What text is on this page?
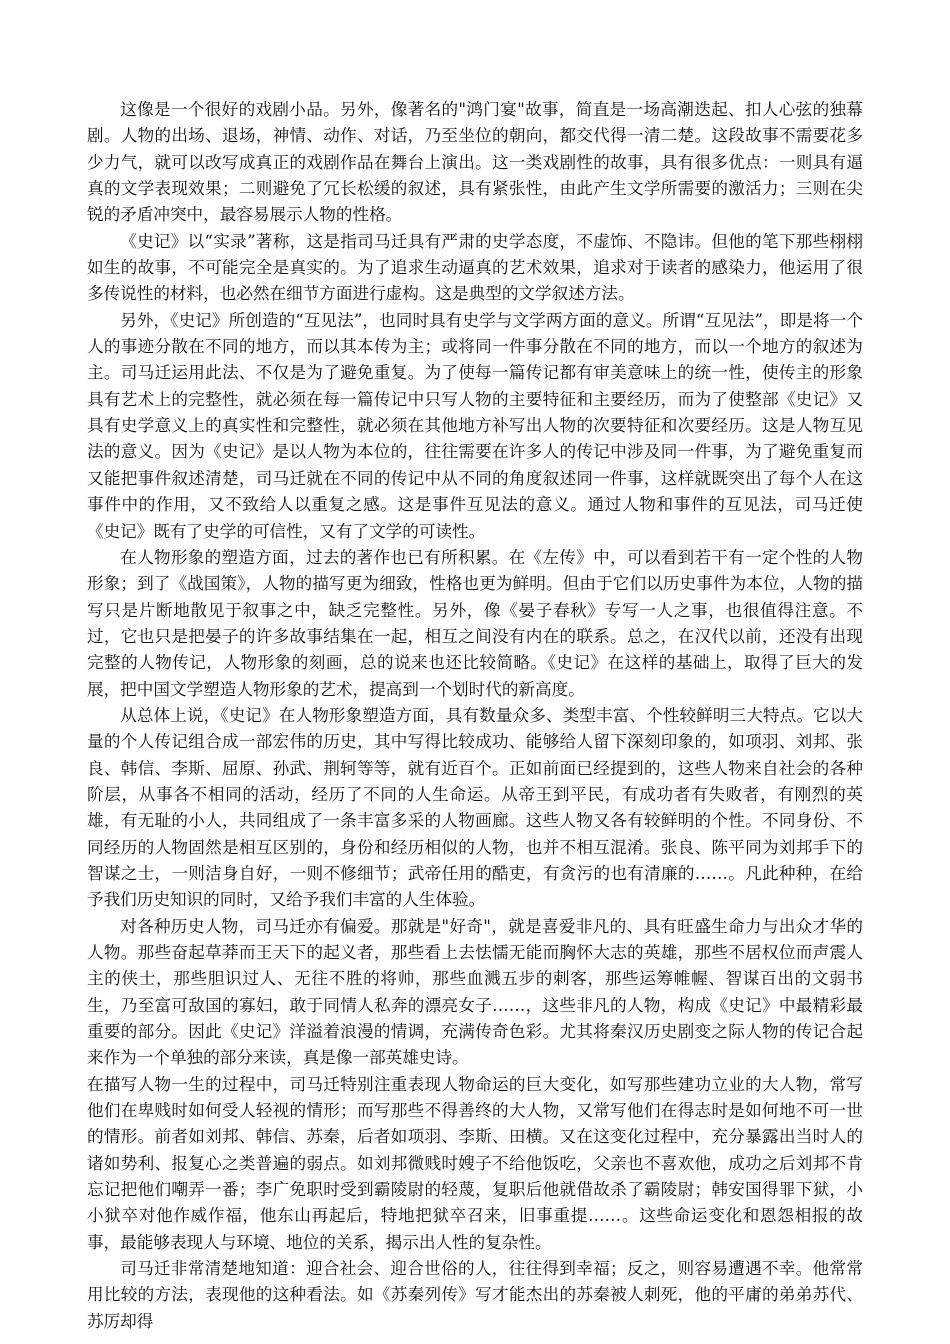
这像是一个很好的戏剧小品。另外，像著名的"鸿门宴"故事，简直是一场高潮迭起、扣人心弦的独幕剧。人物的出场、退场，神情、动作、对话，乃至坐位的朝向，都交代得一清二楚。这段故事不需要花多少力气，就可以改写成真正的戏剧作品在舞台上演出。这一类戏剧性的故事，具有很多优点：一则具有逼真的文学表现效果；二则避免了冗长松缓的叙述，具有紧张性，由此产生文学所需要的激活力；三则在尖锐的矛盾冲突中，最容易展示人物的性格。

《史记》以“实录”著称，这是指司马迁具有严肃的史学态度，不虚饰、不隐讳。但他的笔下那些栩栩如生的故事，不可能完全是真实的。为了追求生动逼真的艺术效果，追求对于读者的感染力，他运用了很多传说性的材料，也必然在细节方面进行虚构。这是典型的文学叙述方法。

另外，《史记》所创造的“互见法”，也同时具有史学与文学两方面的意义。所谓“互见法”，即是将一个人的事迹分散在不同的地方，而以其本传为主；或将同一件事分散在不同的地方，而以一个地方的叙述为主。司马迁运用此法、不仅是为了避免重复。为了使每一篇传记都有审美意味上的统一性，使传主的形象具有艺术上的完整性，就必须在每一篇传记中只写人物的主要特征和主要经历，而为了使整部《史记》又具有史学意义上的真实性和完整性，就必须在其他地方补写出人物的次要特征和次要经历。这是人物互见法的意义。因为《史记》是以人物为本位的，往往需要在许多人的传记中涉及同一件事，为了避免重复而又能把事件叙述清楚，司马迁就在不同的传记中从不同的角度叙述同一件事，这样就既突出了每个人在这事件中的作用，又不致给人以重复之感。这是事件互见法的意义。通过人物和事件的互见法，司马迁使《史记》既有了史学的可信性，又有了文学的可读性。

在人物形象的塑造方面，过去的著作也已有所积累。在《左传》中，可以看到若干有一定个性的人物形象；到了《战国策》，人物的描写更为细致，性格也更为鲜明。但由于它们以历史事件为本位，人物的描写只是片断地散见于叙事之中，缺乏完整性。另外，像《晏子春秋》专写一人之事，也很值得注意。不过，它也只是把晏子的许多故事结集在一起，相互之间没有内在的联系。总之，在汉代以前，还没有出现完整的人物传记，人物形象的刻画，总的说来也还比较简略。《史记》在这样的基础上，取得了巨大的发展，把中国文学塑造人物形象的艺术，提高到一个划时代的新高度。

从总体上说，《史记》在人物形象塑造方面，具有数量众多、类型丰富、个性较鲜明三大特点。它以大量的个人传记组合成一部宏伟的历史，其中写得比较成功、能够给人留下深刻印象的，如项羽、刘邦、张良、韩信、李斯、屈原、孙武、荆轲等等，就有近百个。正如前面已经提到的，这些人物来自社会的各种阶层，从事各不相同的活动，经历了不同的人生命运。从帝王到平民，有成功者有失败者，有刚烈的英雄，有无耻的小人，共同组成了一条丰富多采的人物画廊。这些人物又各有较鲜明的个性。不同身份、不同经历的人物固然是相互区别的，身份和经历相似的人物，也并不相互混淆。张良、陈平同为刘邦手下的智谋之士，一则洁身自好，一则不修细节；武帝任用的酷吏，有贪污的也有清廉的……。凡此种种，在给予我们历史知识的同时，又给予我们丰富的人生体验。

对各种历史人物，司马迁亦有偏爱。那就是"好奇"，就是喜爱非凡的、具有旺盛生命力与出众才华的人物。那些奋起草莽而王天下的起义者，那些看上去怯懦无能而胸怀大志的英雄，那些不居权位而声震人主的侠士，那些胆识过人、无往不胜的将帅，那些血溅五步的刺客，那些运筹帷幄、智谋百出的文弱书生，乃至富可敌国的寡妇，敢于同情人私奔的漂亮女子……，这些非凡的人物，构成《史记》中最精彩最重要的部分。因此《史记》洋溢着浪漫的情调，充满传奇色彩。尤其将秦汉历史剧变之际人物的传记合起来作为一个单独的部分来读，真是像一部英雄史诗。

在描写人物一生的过程中，司马迁特别注重表现人物命运的巨大变化，如写那些建功立业的大人物，常写他们在卑贱时如何受人轻视的情形；而写那些不得善终的大人物，又常写他们在得志时是如何地不可一世的情形。前者如刘邦、韩信、苏秦，后者如项羽、李斯、田横。又在这变化过程中，充分暴露出当时人的诸如势利、报复心之类普遍的弱点。如刘邦微贱时嫂子不给他饭吃，父亲也不喜欢他，成功之后刘邦不肯忘记把他们嘲弄一番；李广免职时受到霸陵尉的轻蔑，复职后他就借故杀了霸陵尉；韩安国得罪下狱，小小狱卒对他作威作福，他东山再起后，特地把狱卒召来，旧事重提……。这些命运变化和恩怨相报的故事，最能够表现人与环境、地位的关系，揭示出人性的复杂性。

司马迁非常清楚地知道：迎合社会、迎合世俗的人，往往得到幸福；反之，则容易遭遇不幸。他常常用比较的方法，表现他的这种看法。如《苏秦列传》写才能杰出的苏秦被人刺死，他的平庸的弟弟苏代、苏厉却得
